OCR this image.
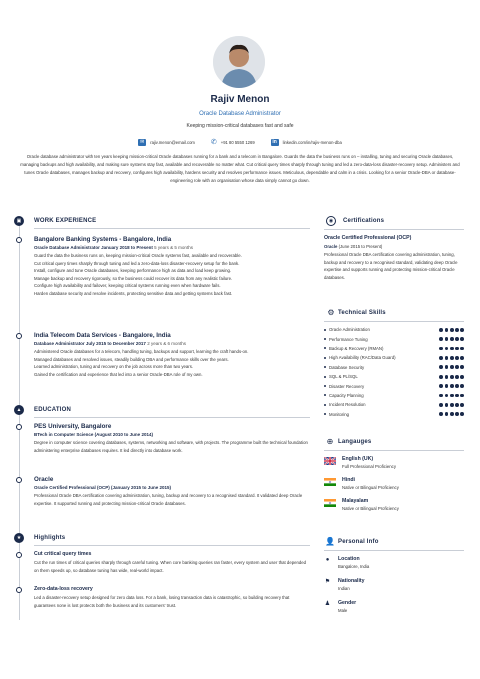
Rajiv Menon
Oracle Database Administrator
Keeping mission-critical databases fast and safe
✉	rajiv.menon@email.com ✆ +91 80 5550 1269	in	linkedin.com/in/rajiv-menon-dba
Oracle database administrator with ten years keeping mission-critical Oracle databases running for a bank and a telecom in Bangalore. Guards the data the business runs on – installing, tuning and securing Oracle databases, managing backups and high availability, and making sure systems stay fast, available and recoverable no matter what. Cut critical query times sharply through tuning and led a zero-data-loss disaster-recovery setup. Administers and tunes Oracle databases, manages backup and recovery, configures high availability, hardens security and resolves performance issues. Meticulous, dependable and calm in a crisis. Looking for a senior Oracle-DBA or database-engineering role with an organisation whose data simply cannot go down.
▣	WORK EXPERIENCE
Bangalore Banking Systems - Bangalore, India
Oracle Database Administrator January 2018 to Present 5 years & 5 months
Guard the data the business runs on, keeping mission-critical Oracle systems fast, available and recoverable.
Cut critical query times sharply through tuning and led a zero-data-loss disaster-recovery setup for the bank.
Install, configure and tune Oracle databases, keeping performance high as data and load keep growing.
Manage backup and recovery rigorously, so the business could recover its data from any realistic failure.
Configure high availability and failover, keeping critical systems running even when hardware fails.
Harden database security and resolve incidents, protecting sensitive data and getting systems back fast.
India Telecom Data Services - Bangalore, India
Database Administrator July 2015 to December 2017 2 years & 6 months
Administered Oracle databases for a telecom, handling tuning, backups and support, learning the craft hands-on.
Managed databases and resolved issues, steadily building DBA and performance skills over the years.
Learned administration, tuning and recovery on the job across more than two years.
Gained the certification and experience that led into a senior Oracle-DBA role of my own.
▲	EDUCATION
PES University, Bangalore
BTech in Computer Science (August 2010 to June 2014)
Degree in computer science covering databases, systems, networking and software, with projects. The programme built the technical foundation administering enterprise databases requires. It led directly into database work.
Oracle
Oracle Certified Professional (OCP) (January 2015 to June 2015)
Professional Oracle DBA certification covering administration, tuning, backup and recovery to a recognised standard. It validated deep Oracle expertise. It supported running and protecting mission-critical Oracle databases.
★	Highlights
Cut critical query times
Cut the run times of critical queries sharply through careful tuning. When core banking queries ran faster, every system and user that depended on them speeds up, so database tuning has wide, real-world impact.
Zero-data-loss recovery
Led a disaster-recovery setup designed for zero data loss. For a bank, losing transaction data is catastrophic, so building recovery that guarantees none is lost protects both the business and its customers' trust.
◉	Certifications
Oracle Certified Professional (OCP)
Oracle (June 2015 to Present)
Professional Oracle DBA certification covering administration, tuning, backup and recovery to a recognised standard, validating deep Oracle expertise and supports running and protecting mission-critical Oracle databases.
⚙ Technical Skills
Oracle Administration
Performance Tuning
Backup & Recovery (RMAN)
High Availability (RAC/Data Guard)
Database Security
SQL & PL/SQL
Disaster Recovery
Capacity Planning
Incident Resolution
Monitoring
⊕ Langauges
English (UK)
Full Professional Proficiency
Hindi
Native or Bilingual Proficiency
Malayalam
Native or Bilingual Proficiency
👤 Personal Info
●	Location
Bangalore, India
⚑ Nationality
Indian
♟ Gender
Male
